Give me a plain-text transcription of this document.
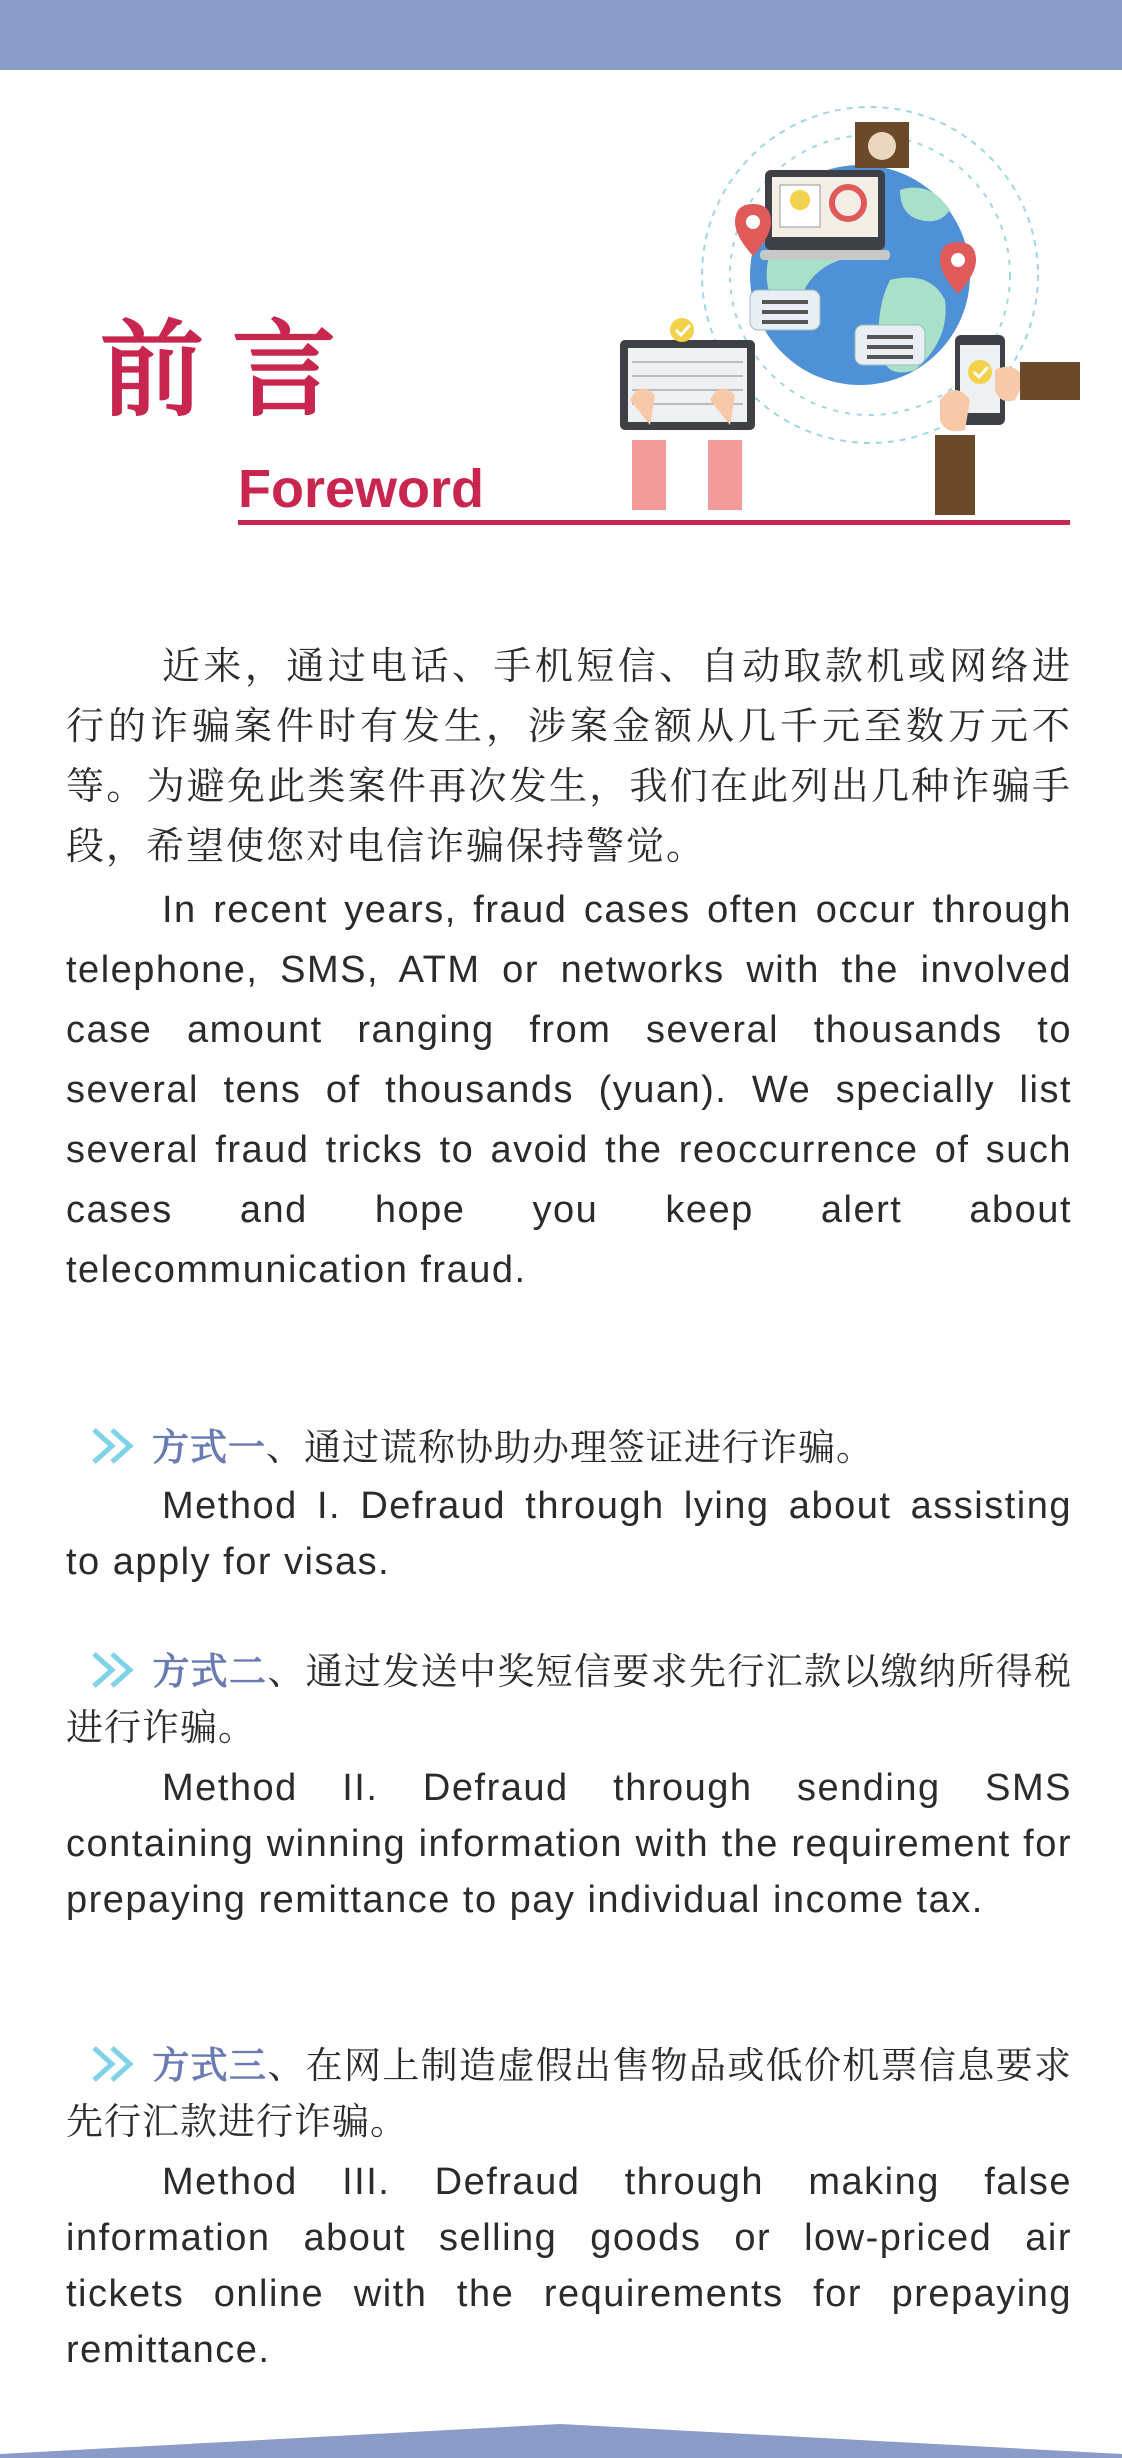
前言
Foreword

近来，通过电话、手机短信、自动取款机或网络进行的诈骗案件时有发生，涉案金额从几千元至数万元不等。为避免此类案件再次发生，我们在此列出几种诈骗手段，希望使您对电信诈骗保持警觉。

In recent years, fraud cases often occur through telephone, SMS, ATM or networks with the involved case amount ranging from several thousands to several tens of thousands (yuan). We specially list several fraud tricks to avoid the reoccurrence of such cases and hope you keep alert about telecommunication fraud.

方式一、通过谎称协助办理签证进行诈骗。

Method I. Defraud through lying about assisting to apply for visas.

方式二、通过发送中奖短信要求先行汇款以缴纳所得税进行诈骗。

Method II. Defraud through sending SMS containing winning information with the requirement for prepaying remittance to pay individual income tax.

方式三、在网上制造虚假出售物品或低价机票信息要求先行汇款进行诈骗。

Method III. Defraud through making false information about selling goods or low-priced air tickets online with the requirements for prepaying remittance.
